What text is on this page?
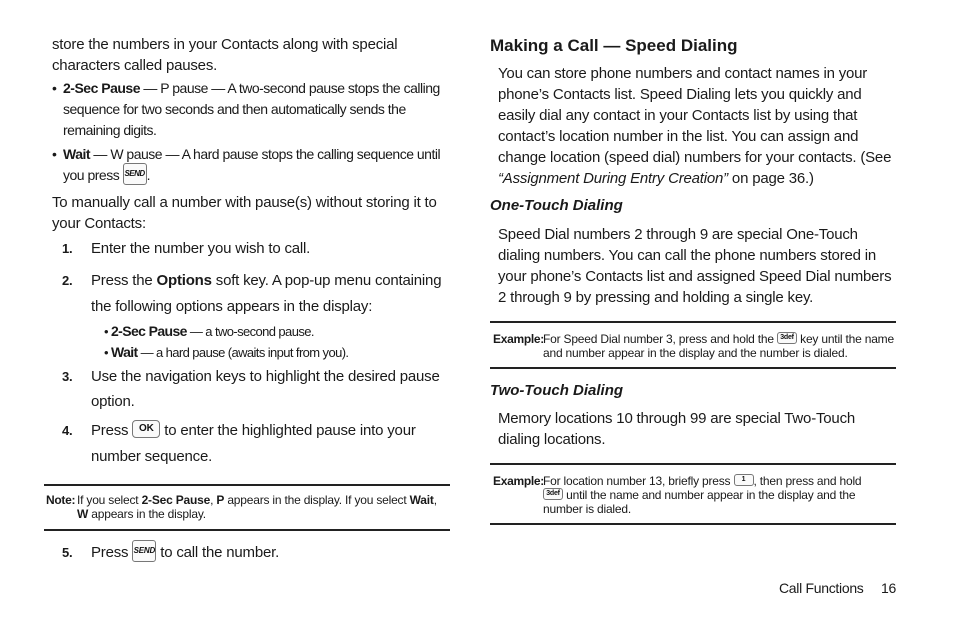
store the numbers in your Contacts along with special characters called pauses.
• 2-Sec Pause — P pause — A two-second pause stops the calling sequence for two seconds and then automatically sends the remaining digits.
• Wait — W pause — A hard pause stops the calling sequence until you press SEND .
To manually call a number with pause(s) without storing it to your Contacts:
1.	Enter the number you wish to call.
2.	Press the Options soft key. A pop-up menu containing the following options appears in the display:
• 2-Sec Pause — a two-second pause.
• Wait — a hard pause (awaits input from you).
3.	Use the navigation keys to highlight the desired pause option.
4.	Press OK to enter the highlighted pause into your number sequence.
Note: If you select 2-Sec Pause, P appears in the display. If you select Wait,
W appears in the display.
5.	Press SEND to call the number.
Making a Call — Speed Dialing
You can store phone numbers and contact names in your phone’s Contacts list. Speed Dialing lets you quickly and easily dial any contact in your Contacts list by using that contact’s location number in the list. You can assign and change location (speed dial) numbers for your contacts. (See “Assignment During Entry Creation” on page 36.)
One-Touch Dialing
Speed Dial numbers 2 through 9 are special One-Touch dialing numbers. You can call the phone numbers stored in your phone’s Contacts list and assigned Speed Dial numbers 2 through 9 by pressing and holding a single key.
Example: For Speed Dial number 3, press and hold the 3def key until the name and number appear in the display and the number is dialed.
Two-Touch Dialing
Memory locations 10 through 99 are special Two-Touch dialing locations.
Example: For location number 13, briefly press 1 , then press and hold
3def until the name and number appear in the display and the number is dialed.
Call Functions 16
